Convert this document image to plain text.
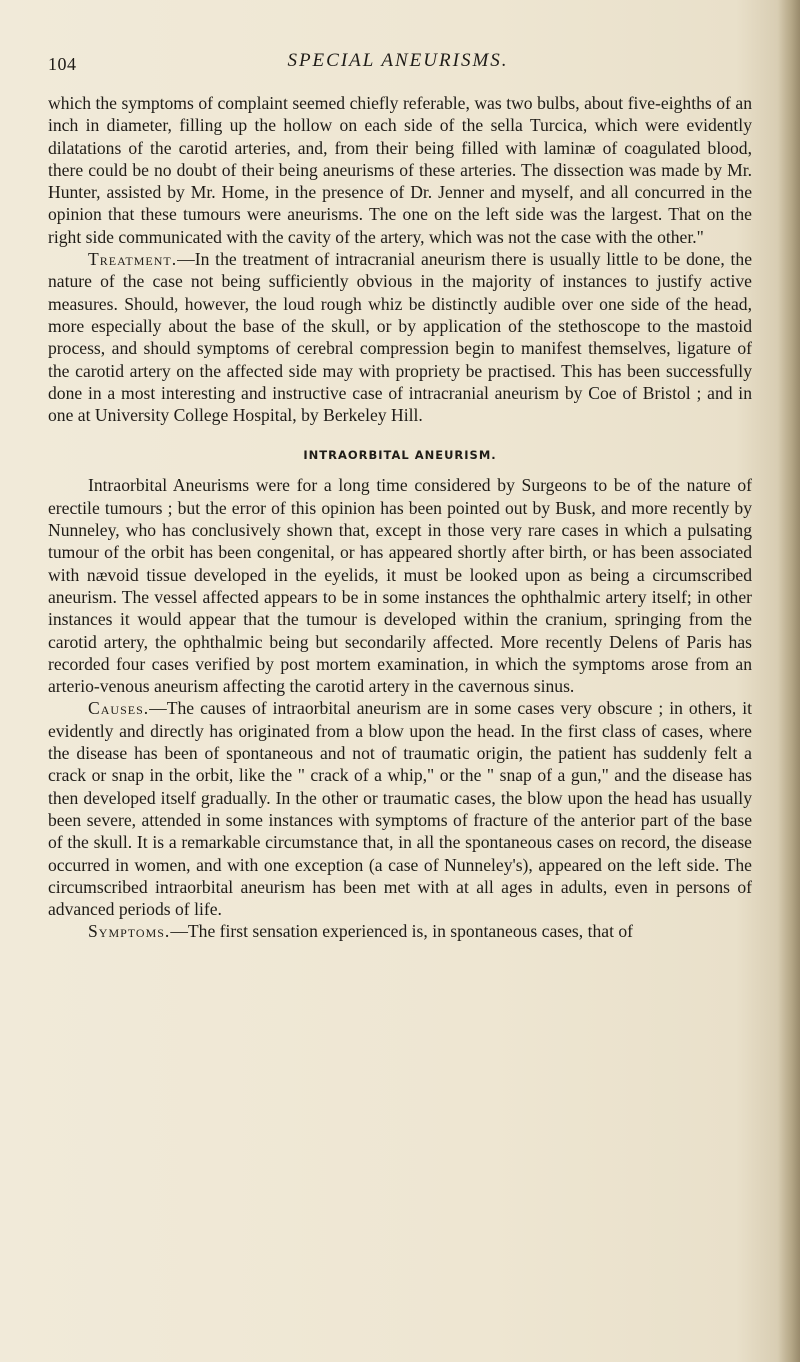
104	SPECIAL ANEURISMS.

which the symptoms of complaint seemed chiefly referable, was two bulbs, about five-eighths of an inch in diameter, filling up the hollow on each side of the sella Turcica, which were evidently dilatations of the carotid arteries, and, from their being filled with laminæ of coagulated blood, there could be no doubt of their being aneurisms of these arteries. The dissection was made by Mr. Hunter, assisted by Mr. Home, in the presence of Dr. Jenner and myself, and all concurred in the opinion that these tumours were aneurisms. The one on the left side was the largest. That on the right side communicated with the cavity of the artery, which was not the case with the other."

Treatment.—In the treatment of intracranial aneurism there is usually little to be done, the nature of the case not being sufficiently obvious in the majority of instances to justify active measures. Should, however, the loud rough whiz be distinctly audible over one side of the head, more especially about the base of the skull, or by application of the stethoscope to the mastoid process, and should symptoms of cerebral compression begin to manifest themselves, ligature of the carotid artery on the affected side may with propriety be practised. This has been successfully done in a most interesting and instructive case of intracranial aneurism by Coe of Bristol ; and in one at University College Hospital, by Berkeley Hill.

INTRAORBITAL ANEURISM.

Intraorbital Aneurisms were for a long time considered by Surgeons to be of the nature of erectile tumours ; but the error of this opinion has been pointed out by Busk, and more recently by Nunneley, who has conclusively shown that, except in those very rare cases in which a pulsating tumour of the orbit has been congenital, or has appeared shortly after birth, or has been associated with nævoid tissue developed in the eyelids, it must be looked upon as being a circumscribed aneurism. The vessel affected appears to be in some instances the ophthalmic artery itself; in other instances it would appear that the tumour is developed within the cranium, springing from the carotid artery, the ophthalmic being but secondarily affected. More recently Delens of Paris has recorded four cases verified by post mortem examination, in which the symptoms arose from an arterio-venous aneurism affecting the carotid artery in the cavernous sinus.

Causes.—The causes of intraorbital aneurism are in some cases very obscure ; in others, it evidently and directly has originated from a blow upon the head. In the first class of cases, where the disease has been of spontaneous and not of traumatic origin, the patient has suddenly felt a crack or snap in the orbit, like the " crack of a whip," or the " snap of a gun," and the disease has then developed itself gradually. In the other or traumatic cases, the blow upon the head has usually been severe, attended in some instances with symptoms of fracture of the anterior part of the base of the skull. It is a remarkable circumstance that, in all the spontaneous cases on record, the disease occurred in women, and with one exception (a case of Nunneley's), appeared on the left side. The circumscribed intraorbital aneurism has been met with at all ages in adults, even in persons of advanced periods of life.

Symptoms.—The first sensation experienced is, in spontaneous cases, that of
